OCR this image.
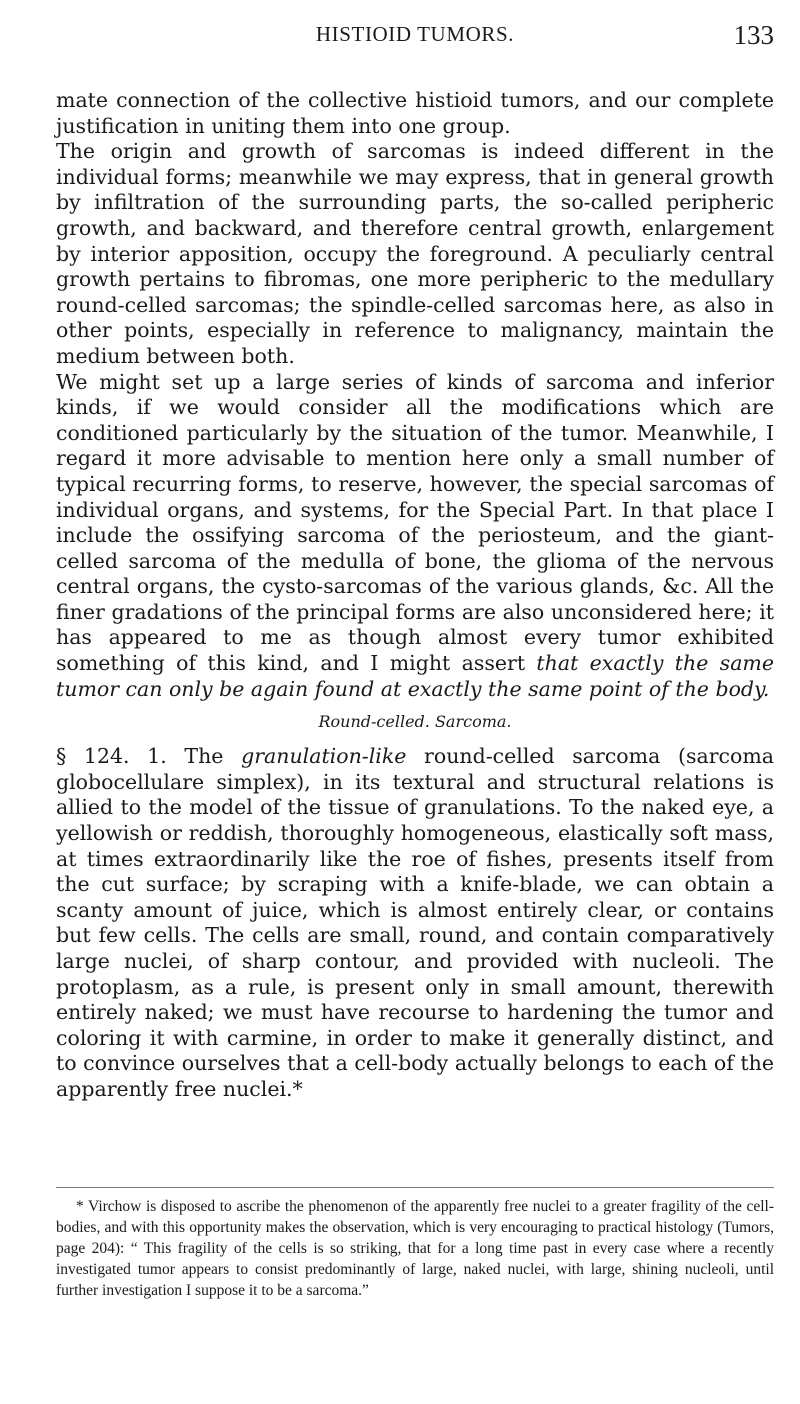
HISTIOID TUMORS.	133

mate connection of the collective histioid tumors, and our complete justification in uniting them into one group.

The origin and growth of sarcomas is indeed different in the individual forms; meanwhile we may express, that in general growth by infiltration of the surrounding parts, the so-called peripheric growth, and backward, and therefore central growth, enlargement by interior apposition, occupy the foreground. A peculiarly central growth pertains to fibromas, one more peripheric to the medullary round-celled sarcomas; the spindle-celled sarcomas here, as also in other points, especially in reference to malignancy, maintain the medium between both.

We might set up a large series of kinds of sarcoma and inferior kinds, if we would consider all the modifications which are conditioned particularly by the situation of the tumor. Meanwhile, I regard it more advisable to mention here only a small number of typical recurring forms, to reserve, however, the special sarcomas of individual organs, and systems, for the Special Part. In that place I include the ossifying sarcoma of the periosteum, and the giant-celled sarcoma of the medulla of bone, the glioma of the nervous central organs, the cysto-sarcomas of the various glands, &c. All the finer gradations of the principal forms are also unconsidered here; it has appeared to me as though almost every tumor exhibited something of this kind, and I might assert that exactly the same tumor can only be again found at exactly the same point of the body.

Round-celled. Sarcoma.

§ 124. 1. The granulation-like round-celled sarcoma (sarcoma globocellulare simplex), in its textural and structural relations is allied to the model of the tissue of granulations. To the naked eye, a yellowish or reddish, thoroughly homogeneous, elastically soft mass, at times extraordinarily like the roe of fishes, presents itself from the cut surface; by scraping with a knife-blade, we can obtain a scanty amount of juice, which is almost entirely clear, or contains but few cells. The cells are small, round, and contain comparatively large nuclei, of sharp contour, and provided with nucleoli. The protoplasm, as a rule, is present only in small amount, therewith entirely naked; we must have recourse to hardening the tumor and coloring it with carmine, in order to make it generally distinct, and to convince ourselves that a cell-body actually belongs to each of the apparently free nuclei.*

* Virchow is disposed to ascribe the phenomenon of the apparently free nuclei to a greater fragility of the cell-bodies, and with this opportunity makes the observation, which is very encouraging to practical histology (Tumors, page 204): “ This fragility of the cells is so striking, that for a long time past in every case where a recently investigated tumor appears to consist predominantly of large, naked nuclei, with large, shining nucleoli, until further investigation I suppose it to be a sarcoma.”
